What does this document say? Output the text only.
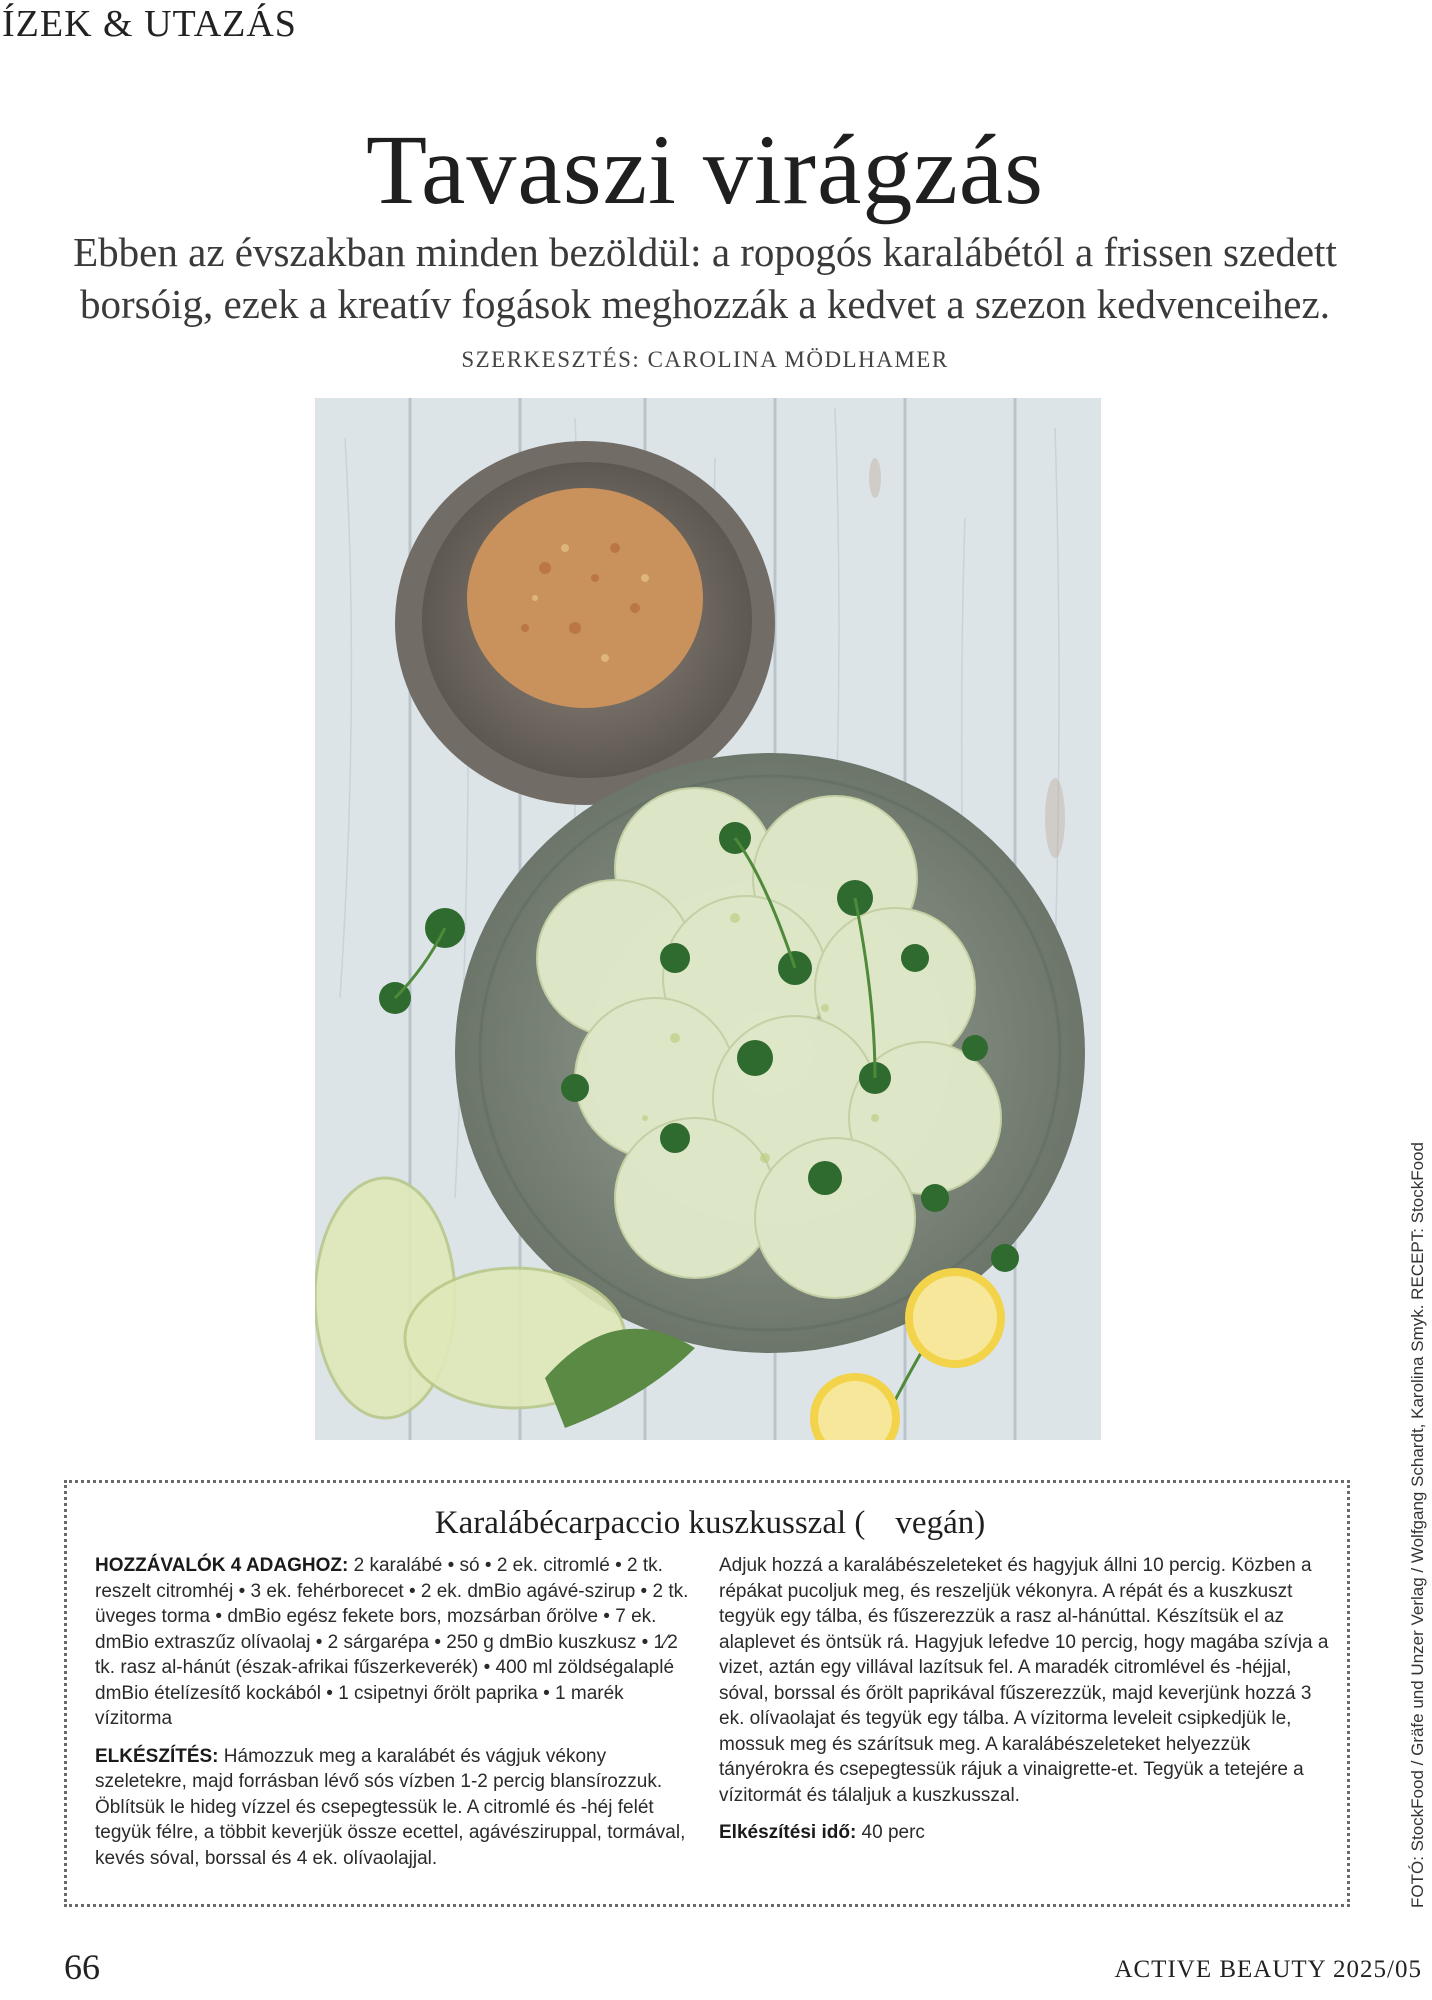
ÍZEK & UTAZÁS
Tavaszi virágzás
Ebben az évszakban minden bezöldül: a ropogós karalábétól a frissen szedett borsóig, ezek a kreatív fogások meghozzák a kedvet a szezon kedvenceihez.
SZERKESZTÉS: CAROLINA MÖDLHAMER
Karalábécarpaccio kuszkusszal ( vegán)

HOZZÁVALÓK 4 ADAGHOZ: 2 karalábé • só • 2 ek. citromlé • 2 tk. reszelt citromhéj • 3 ek. fehérborecet • 2 ek. dmBio agávé-szirup • 2 tk. üveges torma • dmBio egész fekete bors, mozsárban őrölve • 7 ek. dmBio extraszűz olívaolaj • 2 sárgarépa • 250 g dmBio kuszkusz • 1⁄2 tk. rasz al-hánút (észak-afrikai fűszerkeverék) • 400 ml zöldségalaplé dmBio ételízesítő kockából • 1 csipetnyi őrölt paprika • 1 marék vízitorma

ELKÉSZÍTÉS: Hámozzuk meg a karalábét és vágjuk vékony szeletekre, majd forrásban lévő sós vízben 1-2 percig blansírozzuk. Öblítsük le hideg vízzel és csepegtessük le. A citromlé és -héj felét tegyük félre, a többit keverjük össze ecettel, agávésziruppal, tormával, kevés sóval, borssal és 4 ek. olívaolajjal.

Adjuk hozzá a karalábészeleteket és hagyjuk állni 10 percig. Közben a répákat pucoljuk meg, és reszeljük vékonyra. A répát és a kuszkuszt tegyük egy tálba, és fűszerezzük a rasz al-hánúttal. Készítsük el az alaplevet és öntsük rá. Hagyjuk lefedve 10 percig, hogy magába szívja a vizet, aztán egy villával lazítsuk fel. A maradék citromlével és -héjjal, sóval, borssal és őrölt paprikával fűszerezzük, majd keverjünk hozzá 3 ek. olívaolajat és tegyük egy tálba. A vízitorma leveleit csipkedjük le, mossuk meg és szárítsuk meg. A karalábészeleteket helyezzük tányérokra és csepegtessük rájuk a vinaigrette-et. Tegyük a tetejére a vízitormát és tálaljuk a kuszkusszal.

Elkészítési idő: 40 perc	FOTÓ: StockFood / Gräfe und Unzer Verlag / Wolfgang Schardt, Karolina Smyk. RECEPT: StockFood
66	ACTIVE BEAUTY 2025/05
